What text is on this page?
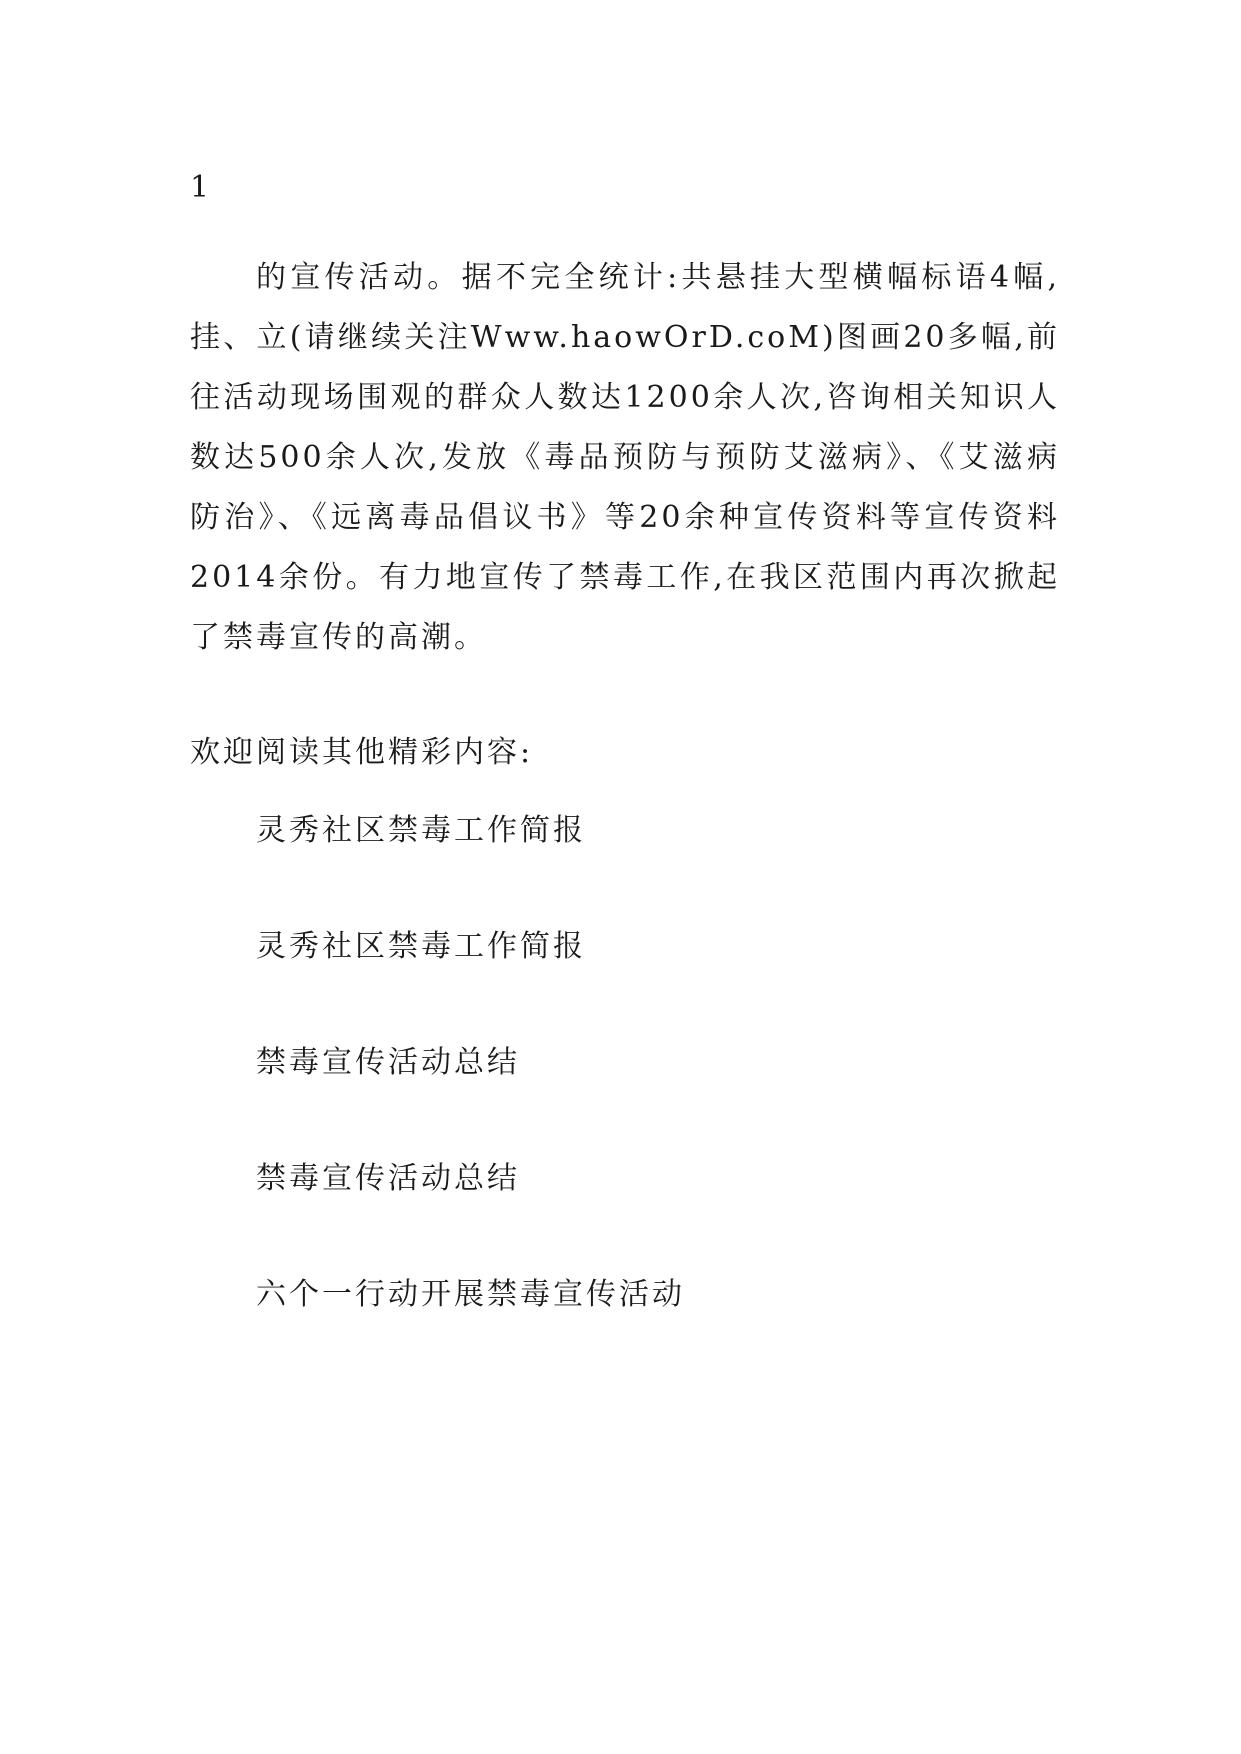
1

的宣传活动。据不完全统计:共悬挂大型横幅标语4幅,挂、立(请继续关注Www.haowOrD.coM)图画20多幅,前往活动现场围观的群众人数达1200余人次,咨询相关知识人数达500余人次,发放《毒品预防与预防艾滋病》、《艾滋病防治》、《远离毒品倡议书》等20余种宣传资料等宣传资料2014余份。有力地宣传了禁毒工作,在我区范围内再次掀起了禁毒宣传的高潮。

欢迎阅读其他精彩内容:
灵秀社区禁毒工作简报
灵秀社区禁毒工作简报
禁毒宣传活动总结
禁毒宣传活动总结
六个一行动开展禁毒宣传活动
